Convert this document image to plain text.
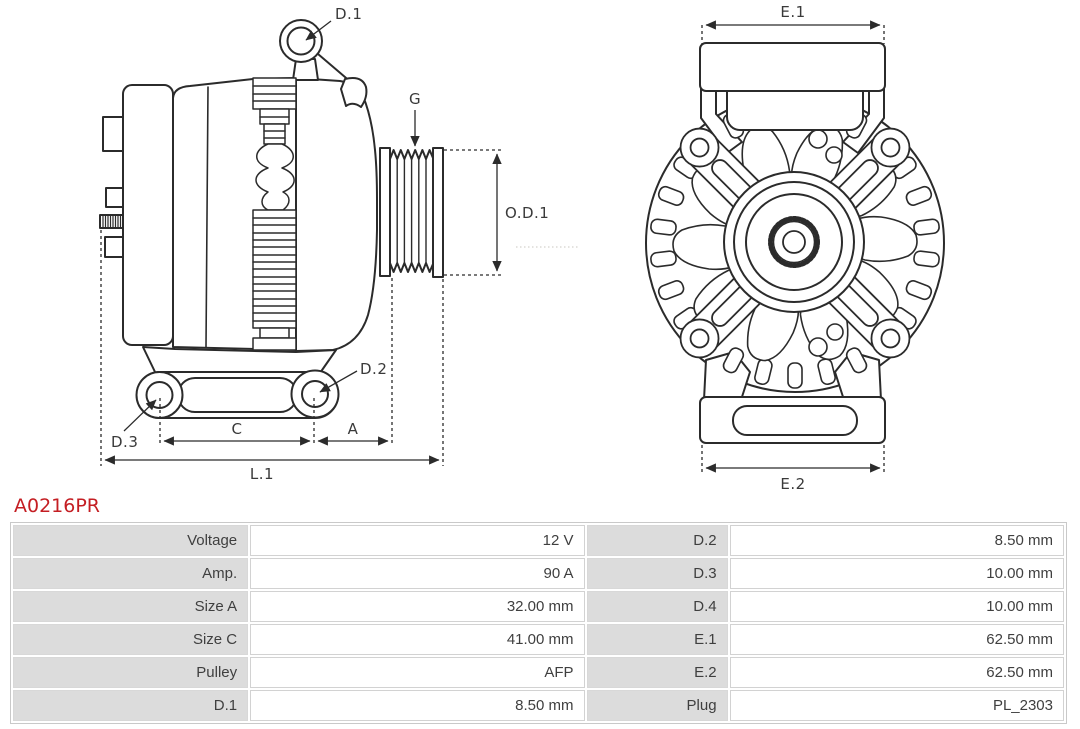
D.1
G
O.D.1
D.2
D.3
C	A
L.1
E.1
E.2
A0216PR
Voltage	12 V	D.2	8.50 mm
Amp.	90 A	D.3	10.00 mm
Size A	32.00 mm	D.4	10.00 mm
Size C	41.00 mm	E.1	62.50 mm
Pulley	AFP	E.2	62.50 mm
D.1	8.50 mm	Plug	PL_2303
